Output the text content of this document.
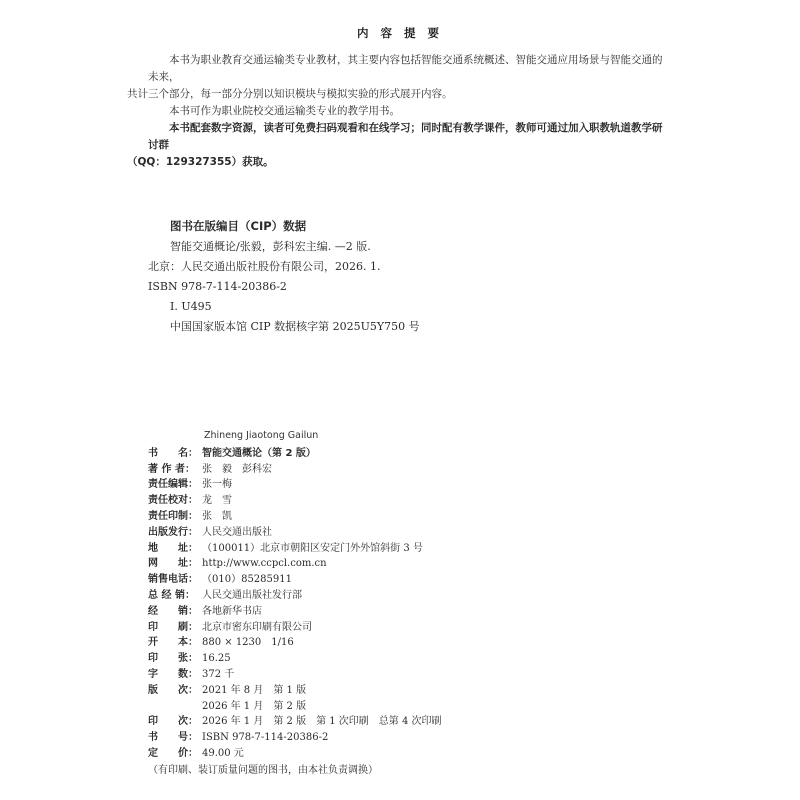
内 容 提 要

本书为职业教育交通运输类专业教材，其主要内容包括智能交通系统概述、智能交通应用场景与智能交通的未来，
共计三个部分，每一部分分别以知识模块与模拟实验的形式展开内容。

本书可作为职业院校交通运输类专业的教学用书。

本书配套数字资源，读者可免费扫码观看和在线学习；同时配有教学课件，教师可通过加入职教轨道教学研讨群
（QQ：129327355）获取。

图书在版编目（CIP）数据
智能交通概论/张毅，彭科宏主编. —2 版.
北京：人民交通出版社股份有限公司，2026. 1.
ISBN 978-7-114-20386-2
Ⅰ. U495
中国国家版本馆 CIP 数据核字第 2025U5Y750 号
Zhineng Jiaotong Gailun
书　　名： 智能交通概论（第 2 版）
著 作 者： 张　毅　彭科宏
责任编辑： 张一梅
责任校对： 龙　雪
责任印制： 张　凯
出版发行： 人民交通出版社
地　　址： （100011）北京市朝阳区安定门外外馆斜街 3 号
网　　址： http://www.ccpcl.com.cn
销售电话： （010）85285911
总 经 销： 人民交通出版社发行部
经　　销： 各地新华书店
印　　刷： 北京市密东印刷有限公司
开　　本： 880 × 1230　1/16
印　　张： 16.25
字　　数： 372 千
版　　次： 2021 年 8 月　第 1 版
2026 年 1 月　第 2 版
印　　次： 2026 年 1 月　第 2 版　第 1 次印刷　总第 4 次印刷
书　　号： ISBN 978-7-114-20386-2
定　　价： 49.00 元
（有印刷、装订质量问题的图书，由本社负责调换）
